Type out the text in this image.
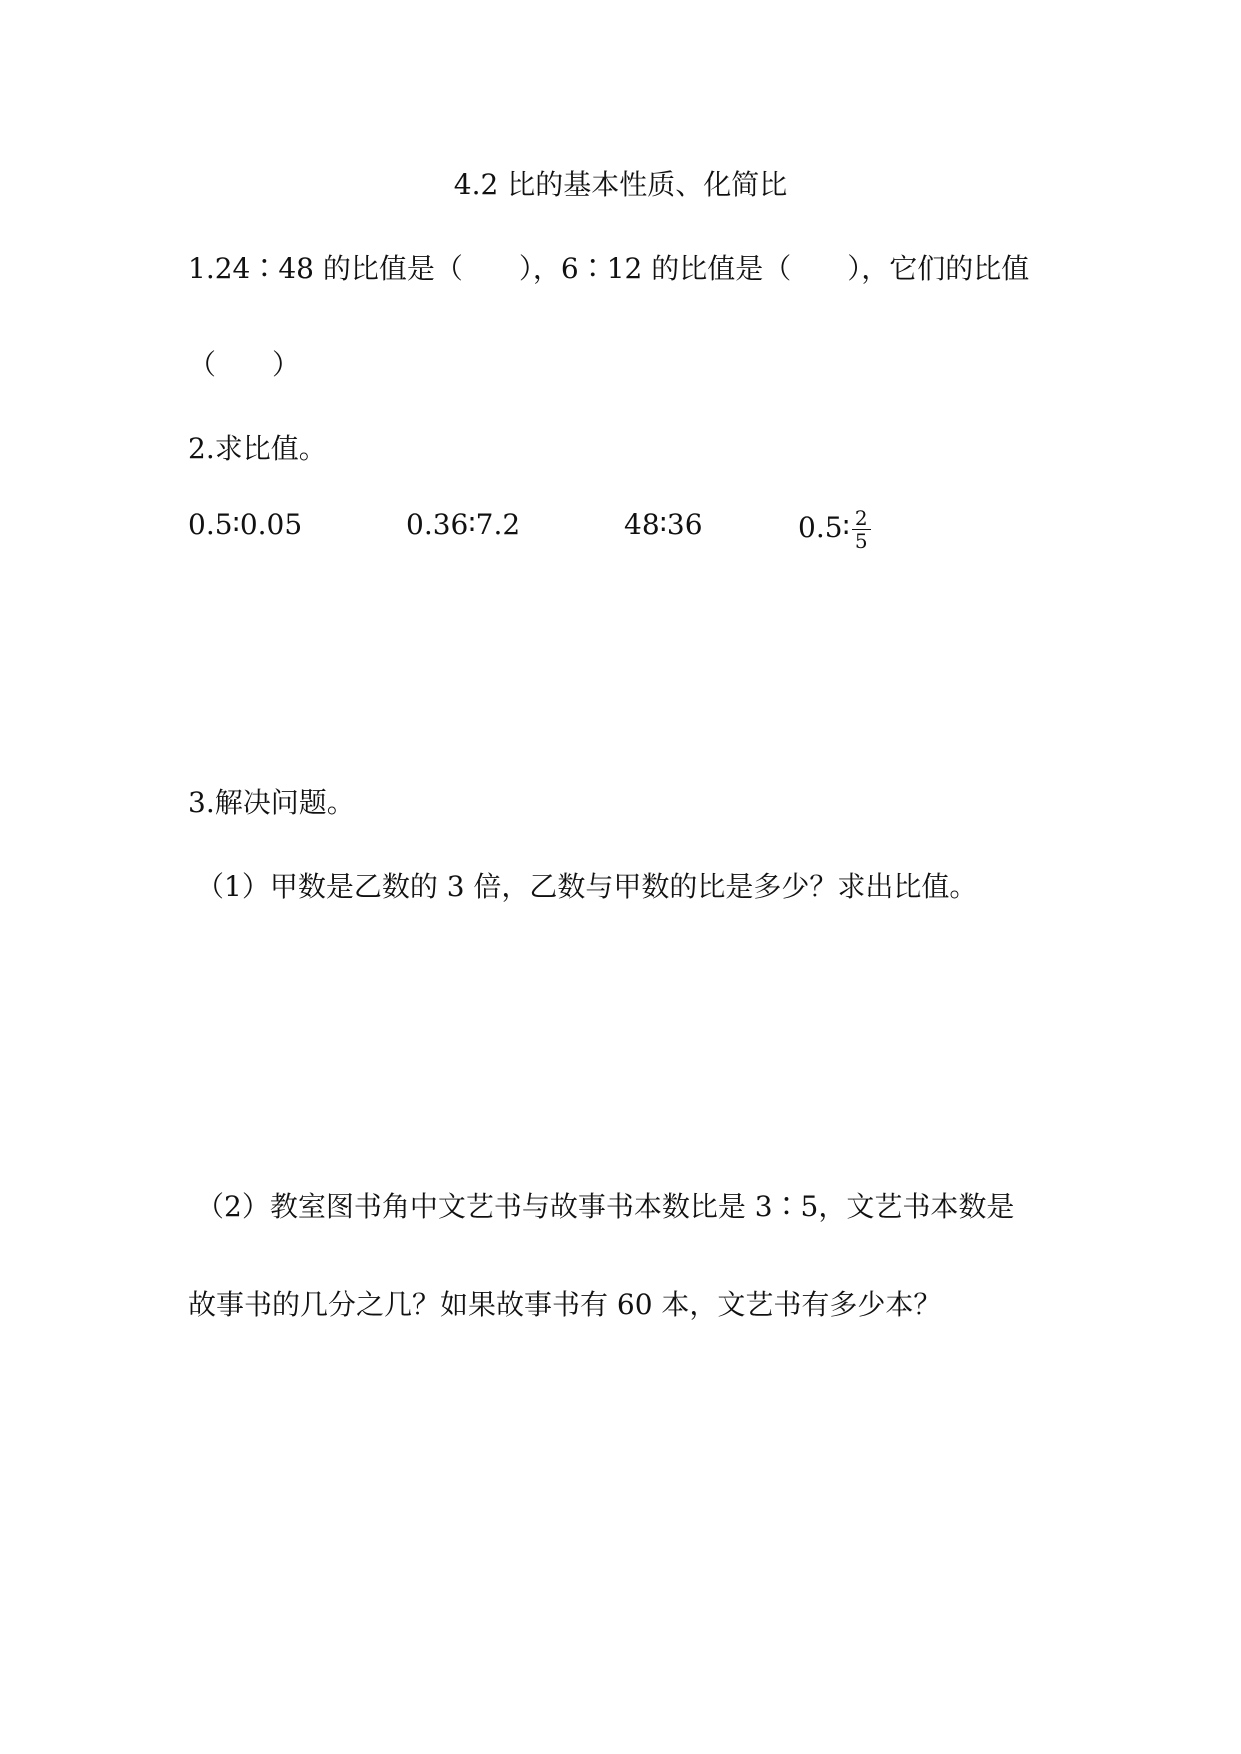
4.2 比的基本性质、化简比
1.24∶48 的比值是（　　），6∶12 的比值是（　　），它们的比值
（　　）
2.求比值。
0.5∶0.05	0.36∶7.2	48∶36	0.5∶ $\frac{2}{5}$
3.解决问题。
（1）甲数是乙数的 3 倍，乙数与甲数的比是多少？求出比值。
（2）教室图书角中文艺书与故事书本数比是 3∶5，文艺书本数是
故事书的几分之几？如果故事书有 60 本，文艺书有多少本？
